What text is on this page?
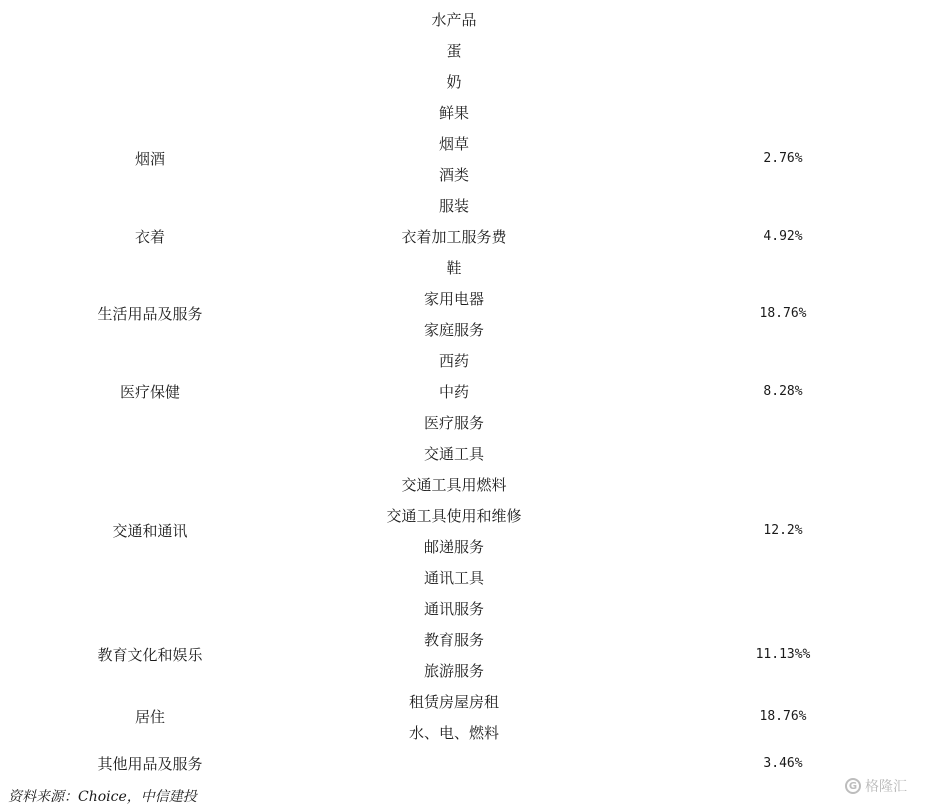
水产品
蛋
奶
鲜果
烟草
酒类
服装
衣着加工服务费
鞋
家用电器
家庭服务
西药
中药
医疗服务
交通工具
交通工具用燃料
交通工具使用和维修
邮递服务
通讯工具
通讯服务
教育服务
旅游服务
租赁房屋房租
水、电、燃料
烟酒
衣着
生活用品及服务
医疗保健
交通和通讯
教育文化和娱乐
居住
其他用品及服务
2.76%
4.92%
18.76%
8.28%
12.2%
11.13%%
18.76%
3.46%
资料来源：Choice，中信建投
G 格隆汇
